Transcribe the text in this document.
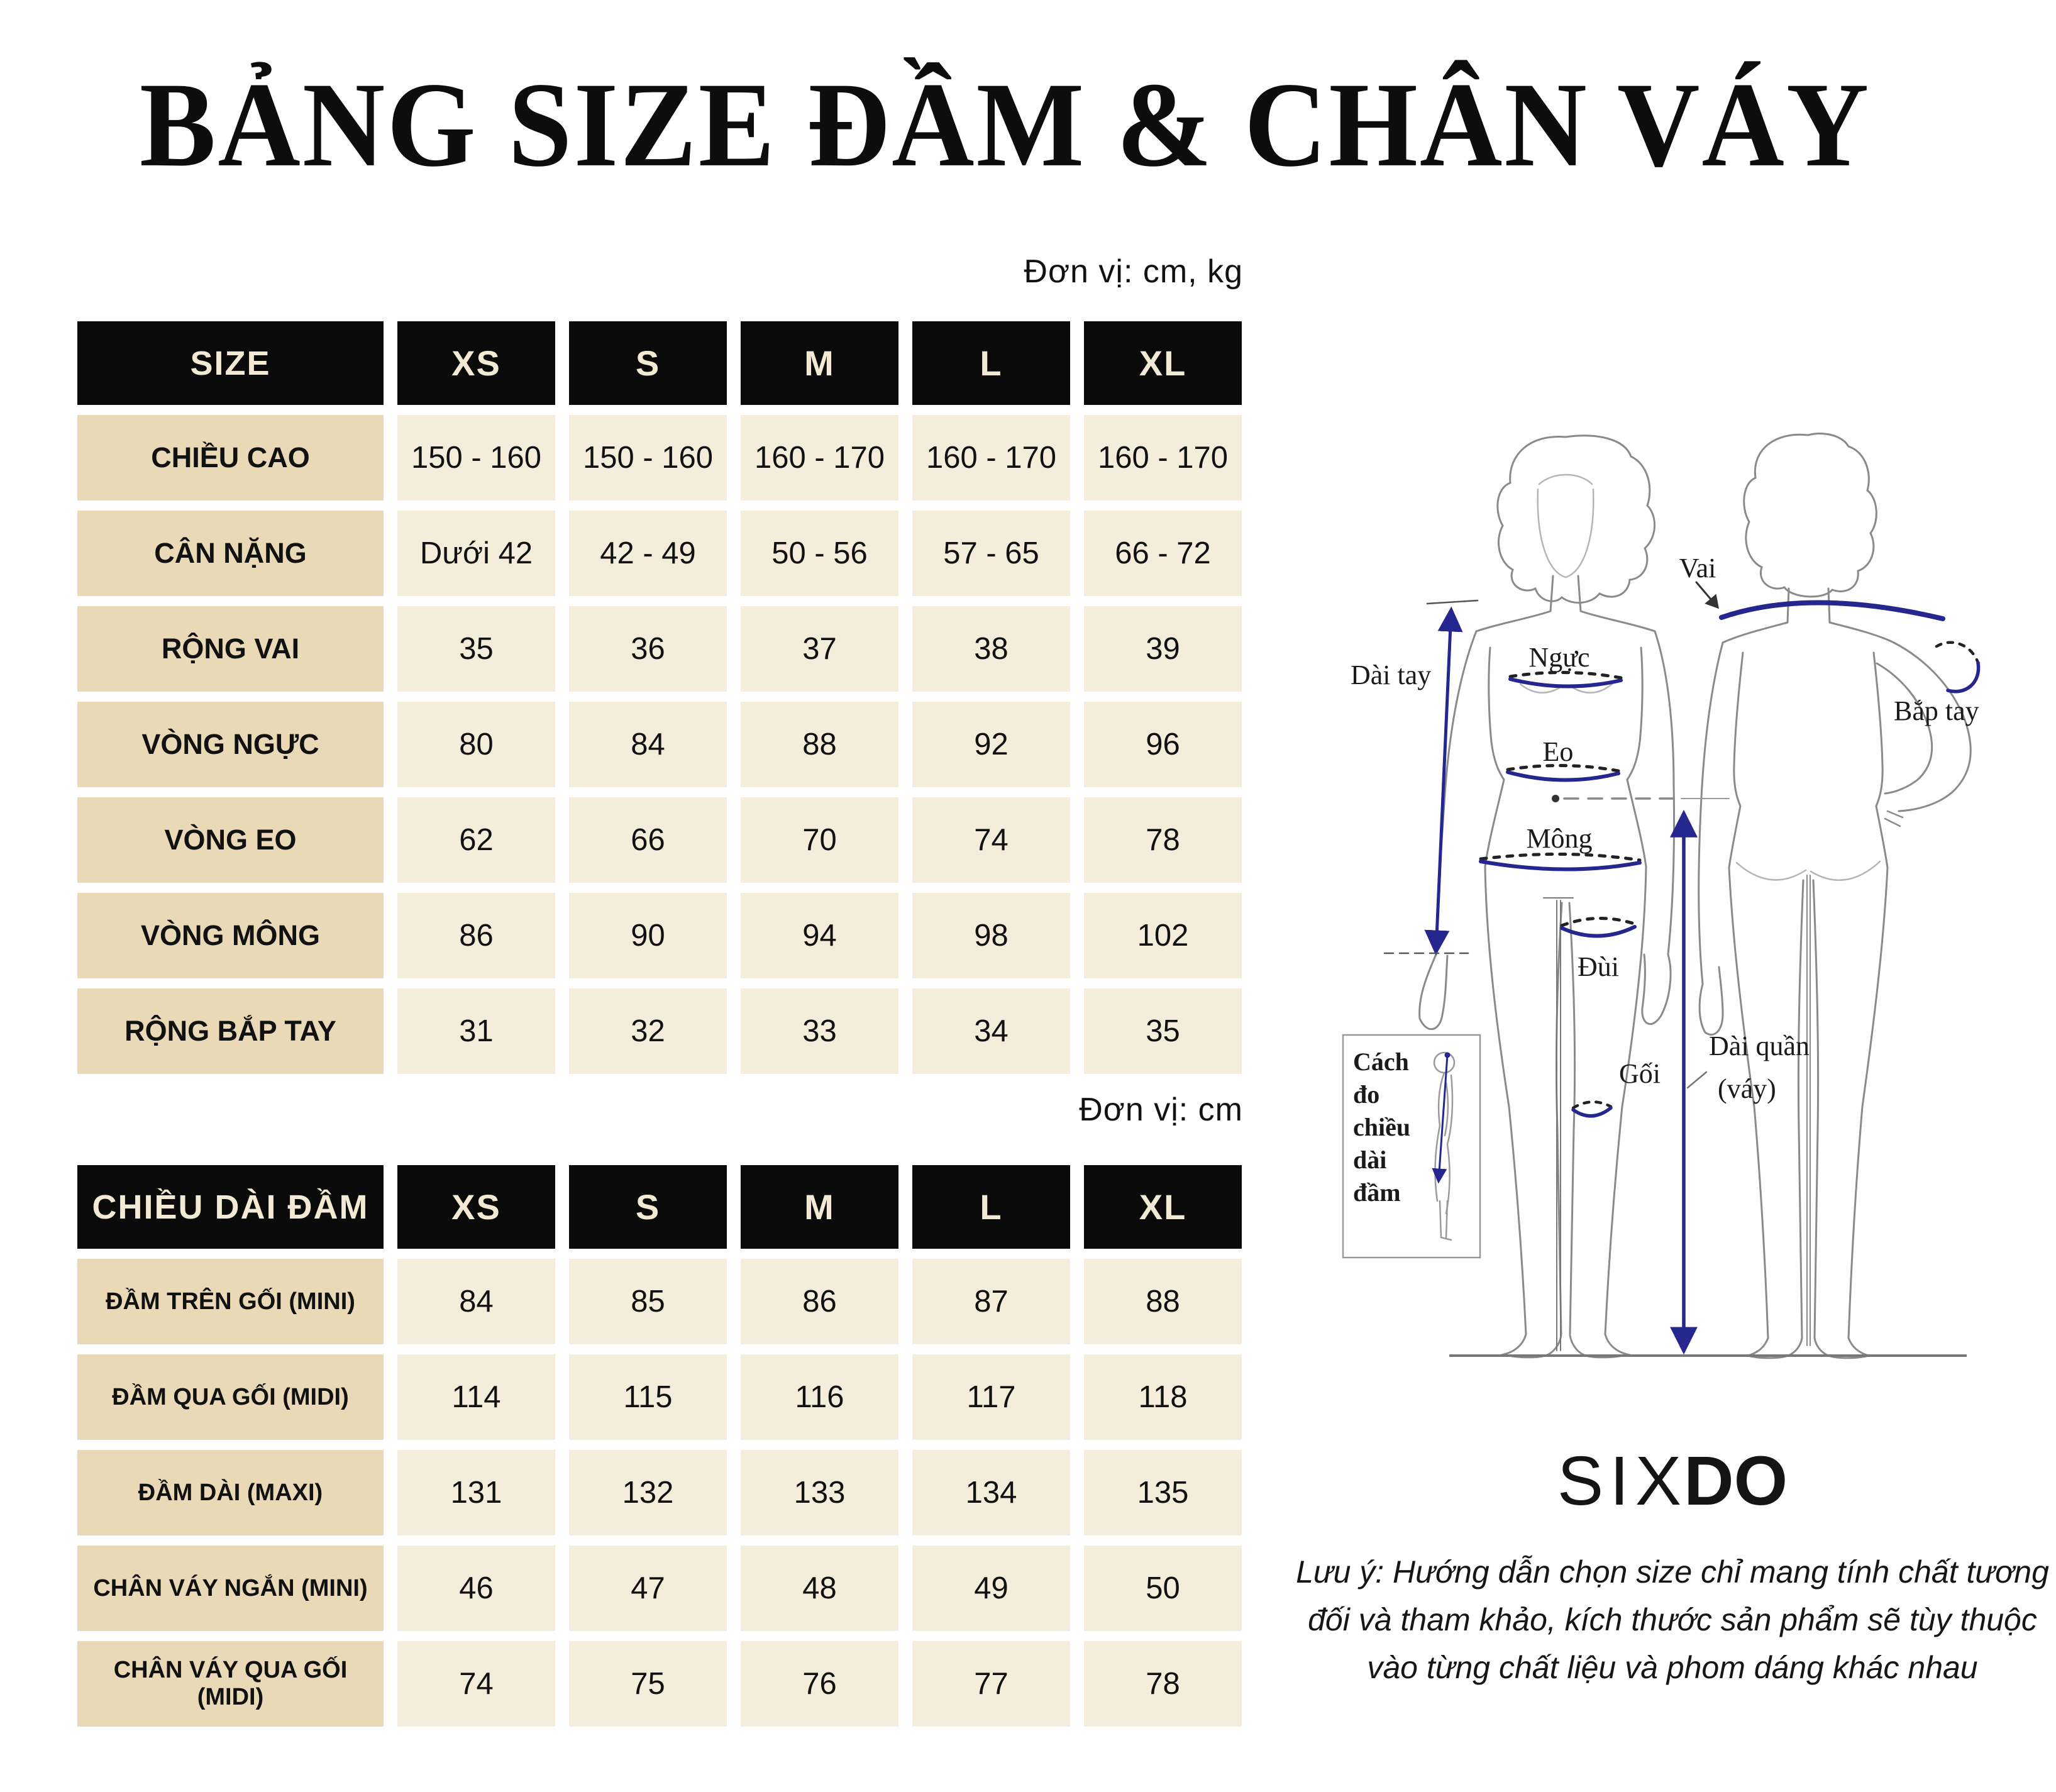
BẢNG SIZE ĐẦM & CHÂN VÁY
Đơn vị: cm, kg
SIZE	XS	S	M	L	XL
CHIỀU CAO	150 - 160	150 - 160	160 - 170	160 - 170	160 - 170
CÂN NẶNG	Dưới 42	42 - 49	50 - 56	57 - 65	66 - 72
RỘNG VAI	35	36	37	38	39
VÒNG NGỰC	80	84	88	92	96
VÒNG EO	62	66	70	74	78
VÒNG MÔNG	86	90	94	98	102
RỘNG BẮP TAY	31	32	33	34	35
Đơn vị: cm
CHIỀU DÀI ĐẦM	XS	S	M	L	XL
ĐẦM TRÊN GỐI (MINI)	84	85	86	87	88
ĐẦM QUA GỐI (MIDI)	114	115	116	117	118
ĐẦM DÀI (MAXI)	131	132	133	134	135
CHÂN VÁY NGẮN (MINI)	46	47	48	49	50
CHÂN VÁY QUA GỐI (MIDI)	74	75	76	77	78
Dài tay
Ngực
Eo
Mông
Vai
Bắp tay
Đùi
Gối
Dài quần
(váy)
Cách
đo
chiều
dài
đầm
SIXDO
Lưu ý: Hướng dẫn chọn size chỉ mang tính chất tương
đối và tham khảo, kích thước sản phẩm sẽ tùy thuộc
vào từng chất liệu và phom dáng khác nhau
